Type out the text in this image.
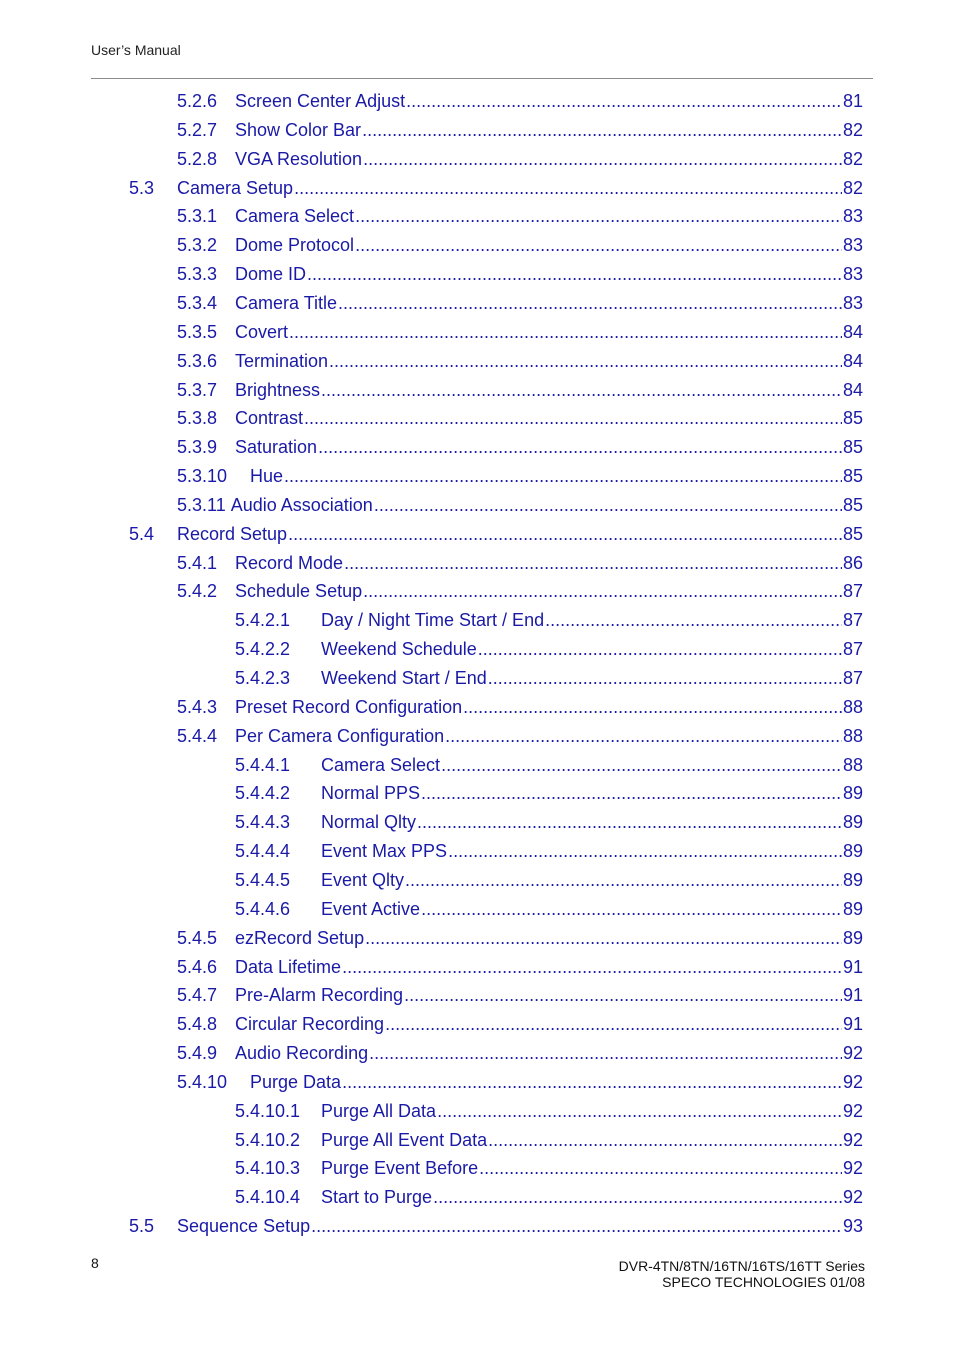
User’s Manual
5.2.6 Screen Center Adjust .....	81
5.2.7 Show Color Bar .....	82
5.2.8 VGA Resolution .....	82
5.3	Camera Setup .....	82
5.3.1 Camera Select .....	83
5.3.2 Dome Protocol .....	83
5.3.3 Dome ID .....	83
5.3.4 Camera Title .....	83
5.3.5 Covert .....	84
5.3.6 Termination .....	84
5.3.7 Brightness .....	84
5.3.8 Contrast .....	85
5.3.9 Saturation .....	85
5.3.10	Hue .....	85
5.3.11 Audio Association .....	85
5.4	Record Setup .....	85
5.4.1 Record Mode .....	86
5.4.2 Schedule Setup .....	87
5.4.2.1	Day / Night Time Start / End .....	87
5.4.2.2	Weekend Schedule .....	87
5.4.2.3	Weekend Start / End .....	87
5.4.3 Preset Record Configuration .....	88
5.4.4 Per Camera Configuration .....	88
5.4.4.1	Camera Select .....	88
5.4.4.2	Normal PPS .....	89
5.4.4.3	Normal Qlty .....	89
5.4.4.4	Event Max PPS .....	89
5.4.4.5	Event Qlty .....	89
5.4.4.6	Event Active .....	89
5.4.5 ezRecord Setup .....	89
5.4.6 Data Lifetime .....	91
5.4.7 Pre-Alarm Recording .....	91
5.4.8 Circular Recording .....	91
5.4.9 Audio Recording .....	92
5.4.10	Purge Data .....	92
5.4.10.1	Purge All Data .....	92
5.4.10.2	Purge All Event Data .....	92
5.4.10.3	Purge Event Before .....	92
5.4.10.4	Start to Purge .....	92
5.5	Sequence Setup .....	93
8	DVR-4TN/8TN/16TN/16TS/16TT Series
SPECO TECHNOLOGIES 01/08
